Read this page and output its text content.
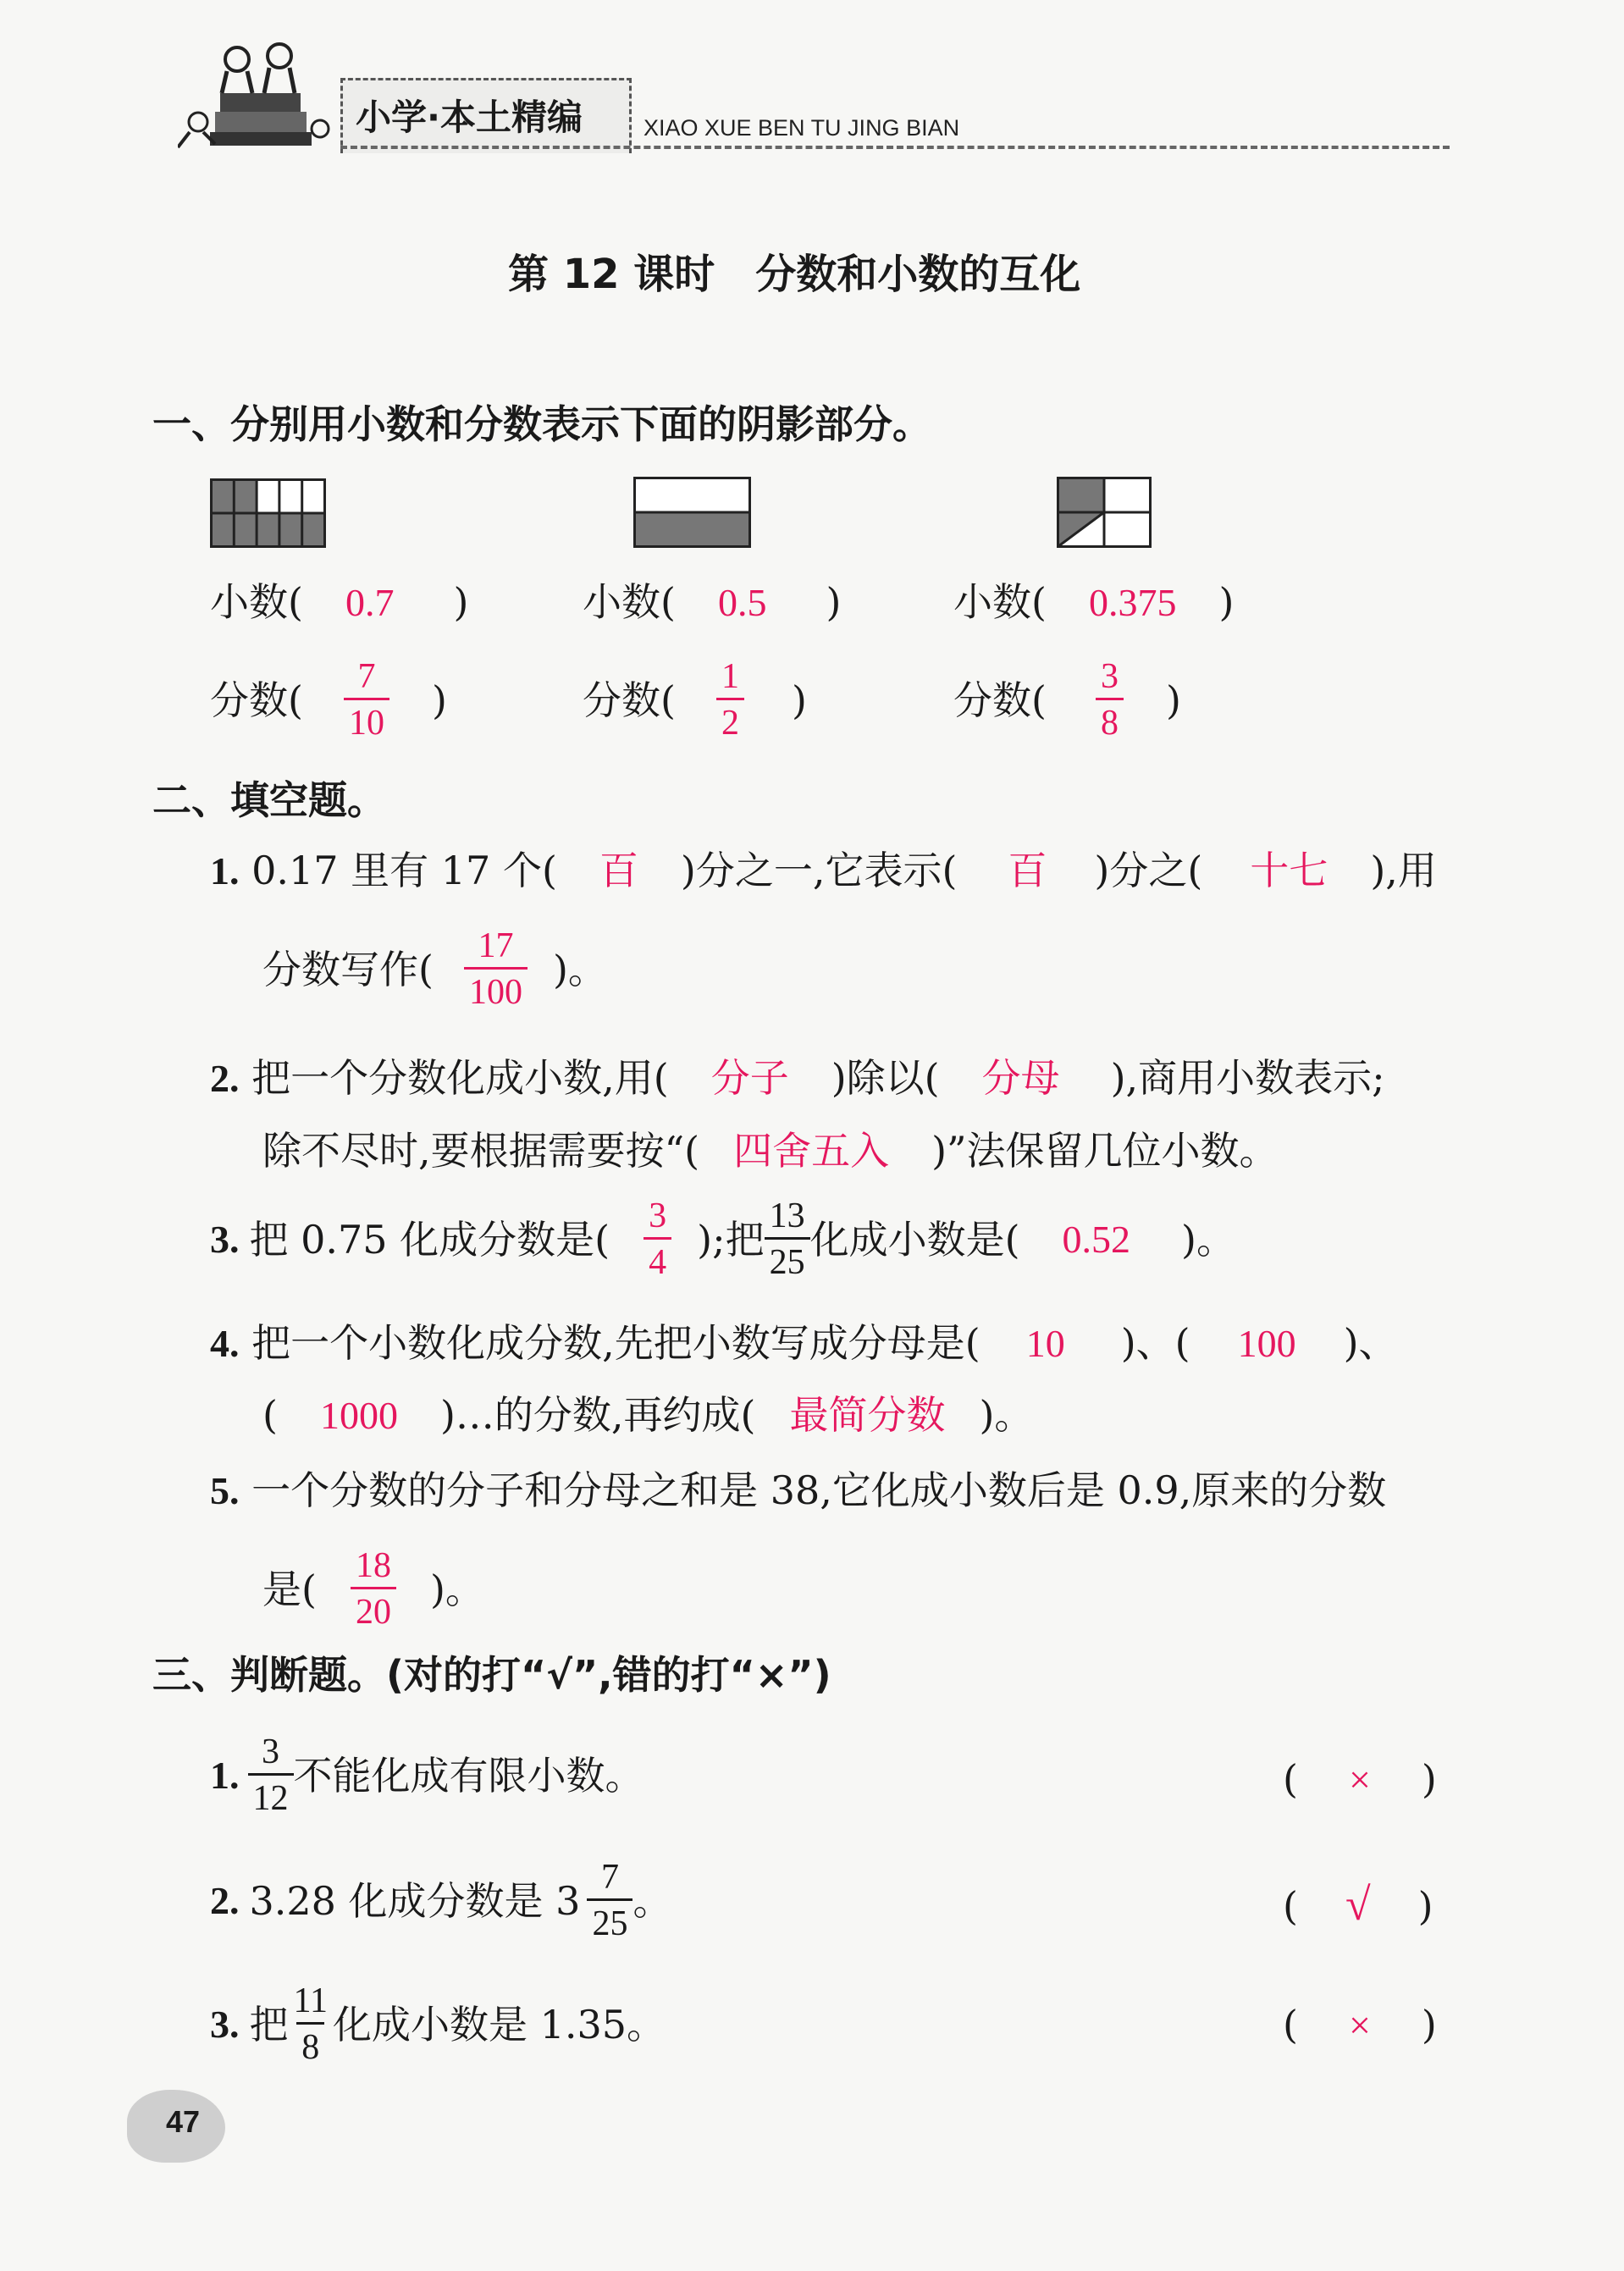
小学·本土精编	XIAO XUE BEN TU JING BIAN
第 12 课时　分数和小数的互化
一、分别用小数和分数表示下面的阴影部分。
小数( 0.7 )	小数( 0.5 )	小数( 0.375 )
分数( $\frac{7}{10}$ )	分数( $\frac{1}{2}$ )	分数( $\frac{3}{8}$ )
二、填空题。
1. 0.17 里有 17 个( 百 )分之一,它表示( 百 )分之( 十七 ),用
分数写作( $\frac{17}{100}$ )。
2. 把一个分数化成小数,用( 分子 )除以( 分母 ),商用小数表示;
除不尽时,要根据需要按“( 四舍五入 )”法保留几位小数。
3. 把 0.75 化成分数是( $\frac{3}{4}$ );把 $\frac{13}{25}$ 化成小数是( 0.52 )。
4. 把一个小数化成分数,先把小数写成分母是( 10 )、( 100 )、
( 1000 )…的分数,再约成( 最简分数 )。
5. 一个分数的分子和分母之和是 38,它化成小数后是 0.9,原来的分数
是( $\frac{18}{20}$ )。
三、判断题。(对的打“√”,错的打“×”)
1. $\frac{3}{12}$ 不能化成有限小数。	( × )
2. 3.28 化成分数是 $3 \frac{7}{25}$ 。	( √ )
3. 把 $\frac{11}{8}$ 化成小数是 1.35。	( × )
47
